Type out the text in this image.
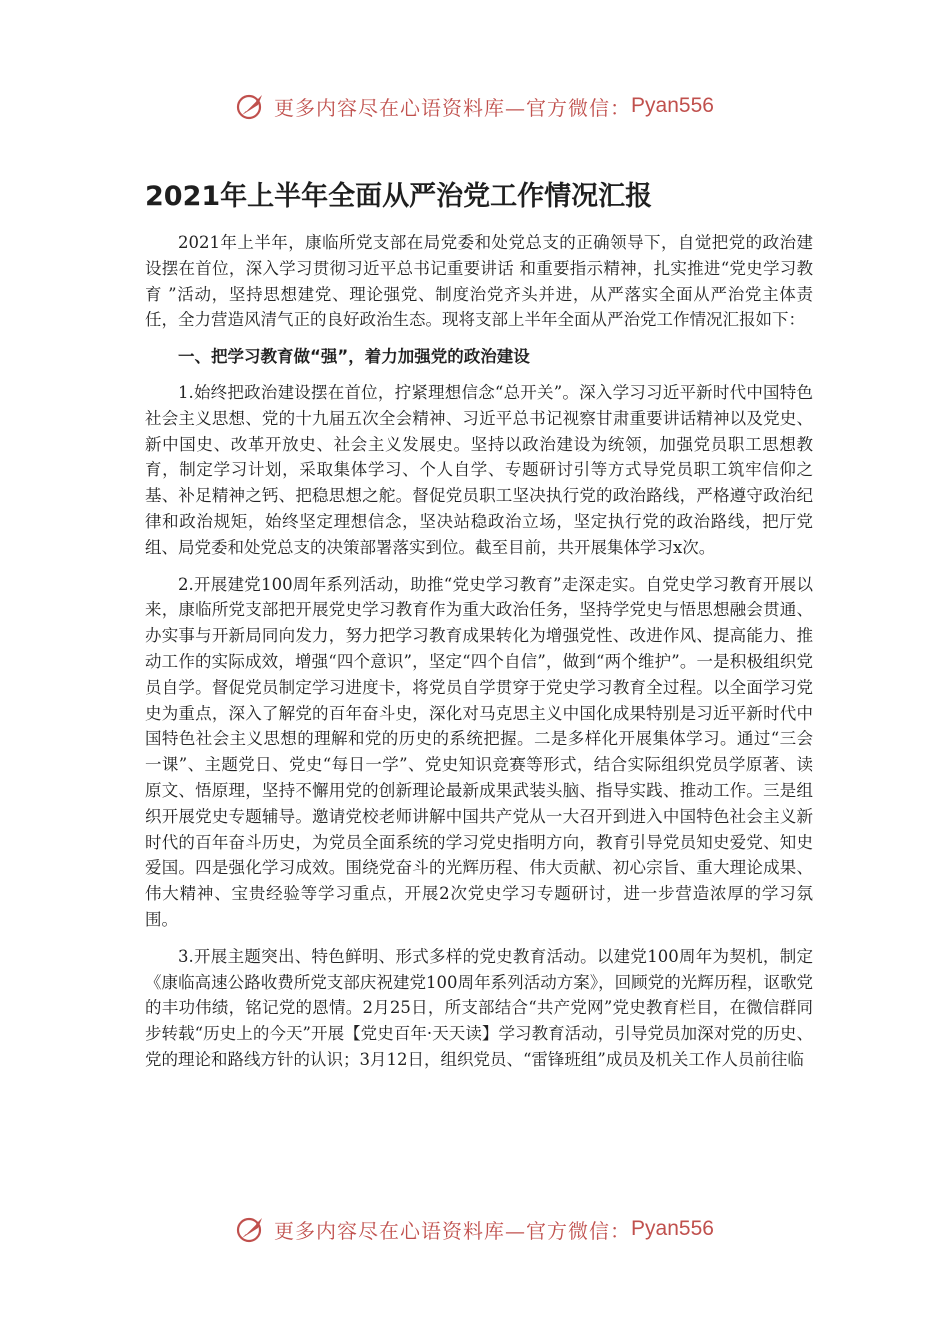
更多内容尽在心语资料库—官方微信： Pyan556
2021年上半年全面从严治党工作情况汇报

2021年上半年，康临所党支部在局党委和处党总支的正确领导下，自觉把党的政治建设摆在首位，深入学习贯彻习近平总书记重要讲话 和重要指示精神，扎实推进“党史学习教育 ”活动，坚持思想建党、理论强党、制度治党齐头并进，从严落实全面从严治党主体责任，全力营造风清气正的良好政治生态。现将支部上半年全面从严治党工作情况汇报如下：

一、把学习教育做“强”，着力加强党的政治建设

1.始终把政治建设摆在首位，拧紧理想信念“总开关”。深入学习习近平新时代中国特色社会主义思想、党的十九届五次全会精神、习近平总书记视察甘肃重要讲话精神以及党史、新中国史、改革开放史、社会主义发展史。坚持以政治建设为统领，加强党员职工思想教育，制定学习计划，采取集体学习、个人自学、专题研讨引等方式导党员职工筑牢信仰之基、补足精神之钙、把稳思想之舵。督促党员职工坚决执行党的政治路线，严格遵守政治纪律和政治规矩，始终坚定理想信念，坚决站稳政治立场，坚定执行党的政治路线，把厅党组、局党委和处党总支的决策部署落实到位。截至目前，共开展集体学习x次。

2.开展建党100周年系列活动，助推“党史学习教育”走深走实。自党史学习教育开展以来，康临所党支部把开展党史学习教育作为重大政治任务，坚持学党史与悟思想融会贯通、办实事与开新局同向发力，努力把学习教育成果转化为增强党性、改进作风、提高能力、推动工作的实际成效，增强“四个意识”，坚定“四个自信”，做到“两个维护”。一是积极组织党员自学。督促党员制定学习进度卡，将党员自学贯穿于党史学习教育全过程。以全面学习党史为重点，深入了解党的百年奋斗史，深化对马克思主义中国化成果特别是习近平新时代中国特色社会主义思想的理解和党的历史的系统把握。二是多样化开展集体学习。通过“三会一课”、主题党日、党史“每日一学”、党史知识竞赛等形式，结合实际组织党员学原著、读原文、悟原理，坚持不懈用党的创新理论最新成果武装头脑、指导实践、推动工作。三是组织开展党史专题辅导。邀请党校老师讲解中国共产党从一大召开到进入中国特色社会主义新时代的百年奋斗历史，为党员全面系统的学习党史指明方向，教育引导党员知史爱党、知史爱国。四是强化学习成效。围绕党奋斗的光辉历程、伟大贡献、初心宗旨、重大理论成果、伟大精神、宝贵经验等学习重点，开展2次党史学习专题研讨，进一步营造浓厚的学习氛围。

3.开展主题突出、特色鲜明、形式多样的党史教育活动。以建党100周年为契机，制定《康临高速公路收费所党支部庆祝建党100周年系列活动方案》，回顾党的光辉历程，讴歌党的丰功伟绩，铭记党的恩情。2月25日，所支部结合“共产党网”党史教育栏目，在微信群同步转载“历史上的今天”开展【党史百年·天天读】学习教育活动，引导党员加深对党的历史、党的理论和路线方针的认识；3月12日，组织党员、“雷锋班组”成员及机关工作人员前往临

更多内容尽在心语资料库—官方微信： Pyan556
